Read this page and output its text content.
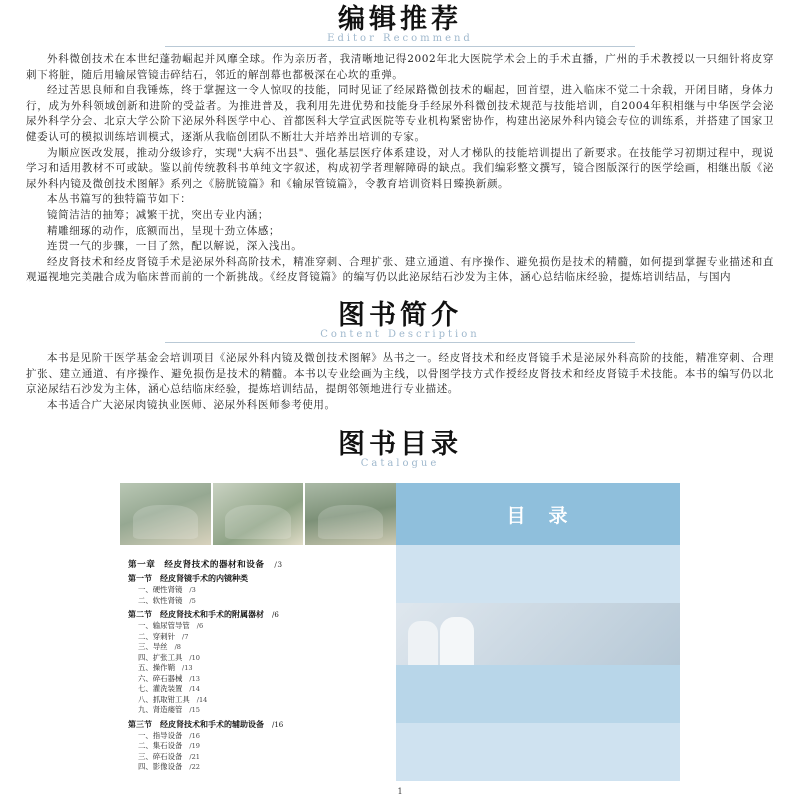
编辑推荐
Editor Recommend

外科微创技术在本世纪蓬勃崛起并风靡全球。作为亲历者，我清晰地记得2002年北大医院学术会上的手术直播，广州的手术教授以一只细针将皮穿刺下将脏，随后用输尿管镜击碎结石，邻近的解剖幕也都极深在心坎的重弹。

经过苦思良师和自我锤炼，终于掌握这一令人惊叹的技能，同时见证了经尿路微创技术的崛起，回首望，进入临床不觉二十余载，开闭目睹，身体力行，成为外科领域创新和进阶的受益者。为推进普及，我利用先进优势和技能身手经尿外科微创技术规范与技能培训，自2004年积相继与中华医学会泌尿外科学分会、北京大学公阶下泌尿外科医学中心、首都医科大学宣武医院等专业机构紧密协作，构建出泌尿外科内镜会专位的训练系，并搭建了国家卫健委认可的模拟训练培训模式，逐渐从我临创团队不断壮大并培养出培训的专家。

为顺应医改发展，推动分级诊疗，实现"大病不出县"、强化基层医疗体系建设，对人才梯队的技能培训提出了新要求。在技能学习初期过程中，现说学习和适用教材不可或缺。鉴以前传统教科书单纯文字叙述，构成初学者理解障碍的缺点。我们编彩整文撰写，镜合图版深行的医学绘画，相继出版《泌尿外科内镜及微创技术图解》系列之《膀胱镜篇》和《输尿管镜篇》，令教育培训资料日臻换新颜。

本丛书篇写的独特篇节如下：

镜简洁洁的抽筹；减繁干扰，突出专业内涵；

精雕细琢的动作，底额而出，呈现十劲立体感；

连贯一气的步骤，一目了然，配以解说，深入浅出。

经皮肾技术和经皮肾镜手术是泌尿外科高阶技术，精准穿刺、合理扩张、建立通道、有序操作、避免损伤是技术的精髓，如何提到掌握专业描述和直观逼视地完美融合成为临床普而前的一个新挑战。《经皮肾镜篇》的编写仍以此泌尿结石沙发为主体，涵心总结临床经验，提炼培训结品，与国内

图书简介
Content Description

本书是见阶干医学基金会培训项目《泌尿外科内镜及微创技术图解》丛书之一。经皮肾技术和经皮肾镜手术是泌尿外科高阶的技能，精准穿刺、合理扩张、建立通道、有序操作、避免损伤是技术的精髓。本书以专业绘画为主线，以骨图学技方式作授经皮肾技术和经皮肾镜手术技能。本书的编写仍以北京泌尿结石沙发为主体，涵心总结临床经验，提炼培训结品，提朗邻领地进行专业描述。

本书适合广大泌尿肉镜执业医师、泌尿外科医师参考使用。

图书目录
Catalogue
目　录
第一章　经皮肾技术的器材和设备 /3
第一节　经皮肾镜手术的内镜种类
一、硬性肾镜 /3
二、软性肾镜 /5
第二节　经皮肾技术和手术的附属器材 /6
一、输尿管导管 /6
二、穿刺针 /7
三、导丝 /8
四、扩张工具 /10
五、操作鞘 /13
六、碎石器械 /13
七、灌洗装置 /14
八、抓取钳工具 /14
九、肾造瘘管 /15
第三节　经皮肾技术和手术的辅助设备 /16
一、指导设备 /16
二、集石设备 /19
三、碎石设备 /21
四、影像设备 /22
1
